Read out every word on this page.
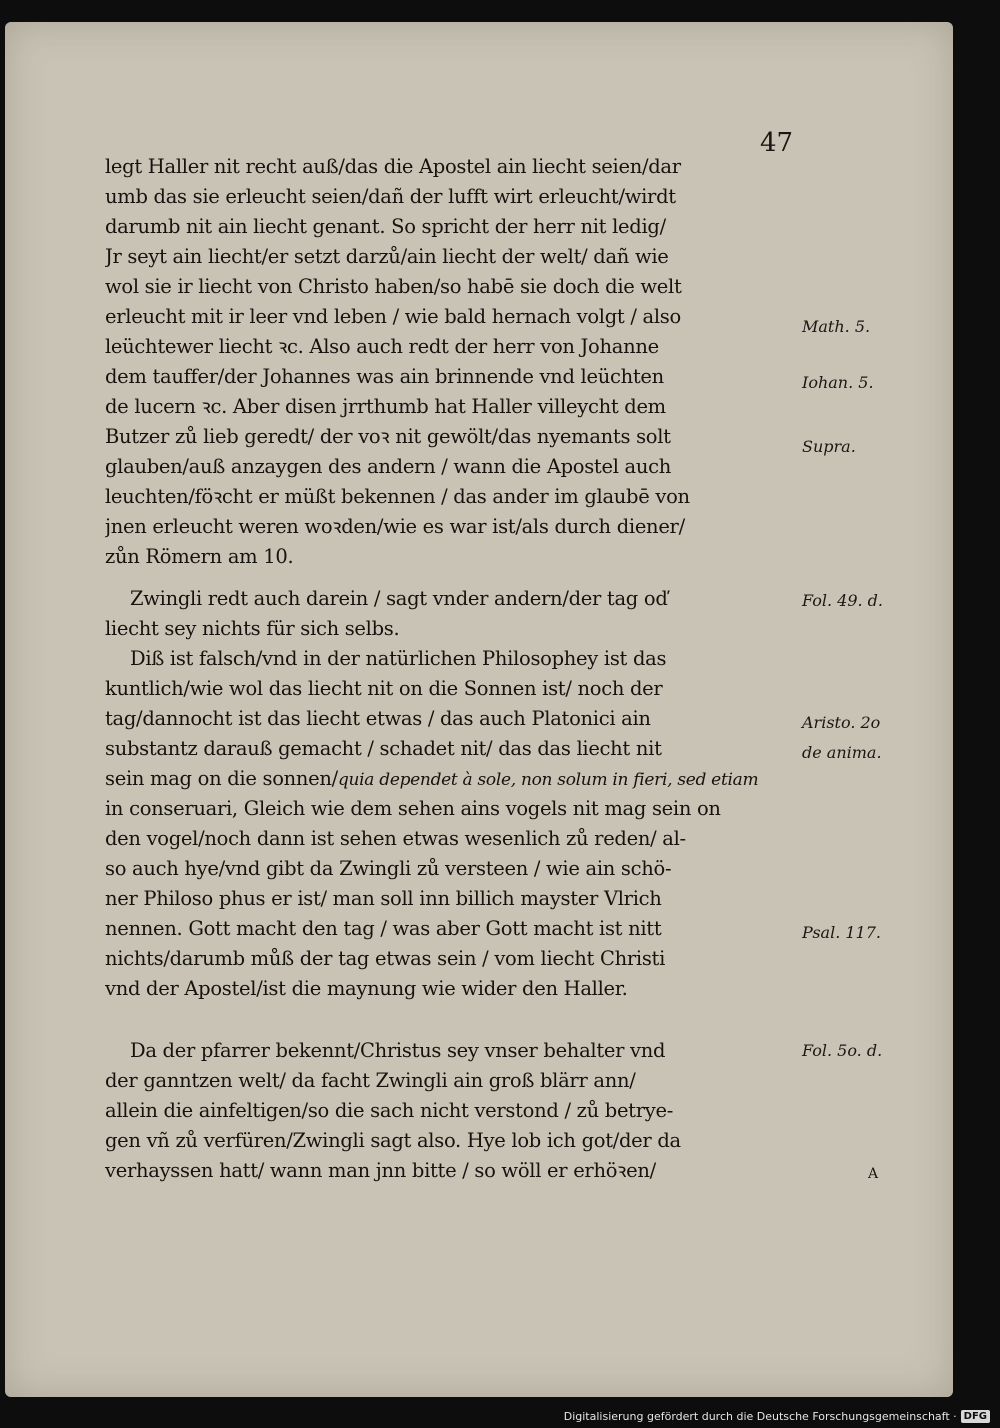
47
legt Haller nit recht auß/das die Apostel ain liecht seien/dar
umb das sie erleucht seien/dañ der lufft wirt erleucht/wirdt
darumb nit ain liecht genant. So spricht der herr nit ledig/
Jr seyt ain liecht/er setzt darzů/ain liecht der welt/ dañ wie
wol sie ir liecht von Christo haben/so habē sie doch die welt
erleucht mit ir leer vnd leben / wie bald hernach volgt / also
leüchtewer liecht ꝛc. Also auch redt der herr von Johanne
dem tauffer/der Johannes was ain brinnende vnd leüchten
de lucern ꝛc. Aber disen jrrthumb hat Haller villeycht dem
Butzer zů lieb geredt/ der voꝛ nit gewölt/das nyemants solt
glauben/auß anzaygen des andern / wann die Apostel auch
leuchten/föꝛcht er müßt bekennen / das ander im glaubē von
jnen erleucht weren woꝛden/wie es war ist/als durch diener/
zůn Römern am 10.
Zwingli redt auch darein / sagt vnder andern/der tag oď
liecht sey nichts für sich selbs.
Diß ist falsch/vnd in der natürlichen Philosophey ist das
kuntlich/wie wol das liecht nit on die Sonnen ist/ noch der
tag/dannocht ist das liecht etwas / das auch Platonici ain
substantz darauß gemacht / schadet nit/ das das liecht nit
sein mag on die sonnen/quia dependet à sole, non solum in fieri, sed etiam
in conseruari, Gleich wie dem sehen ains vogels nit mag sein on
den vogel/noch dann ist sehen etwas wesenlich zů reden/ al-
so auch hye/vnd gibt da Zwingli zů versteen / wie ain schö-
ner Philoso phus er ist/ man soll inn billich mayster Vlrich
nennen. Gott macht den tag / was aber Gott macht ist nitt
nichts/darumb můß der tag etwas sein / vom liecht Christi
vnd der Apostel/ist die maynung wie wider den Haller.
Da der pfarrer bekennt/Christus sey vnser behalter vnd
der ganntzen welt/ da facht Zwingli ain groß blärr ann/
allein die ainfeltigen/so die sach nicht verstond / zů betrye-
gen vñ zů verfüren/Zwingli sagt also. Hye lob ich got/der da
verhayssen hatt/ wann man jnn bitte / so wöll er erhöꝛen/
Math. 5.
Iohan. 5.
Supra.
Fol. 49. d.
Aristo. 2o
de anima.
Psal. 117.
Fol. 5o. d.
A
Digitalisierung gefördert durch die Deutsche Forschungsgemeinschaft · DFG
